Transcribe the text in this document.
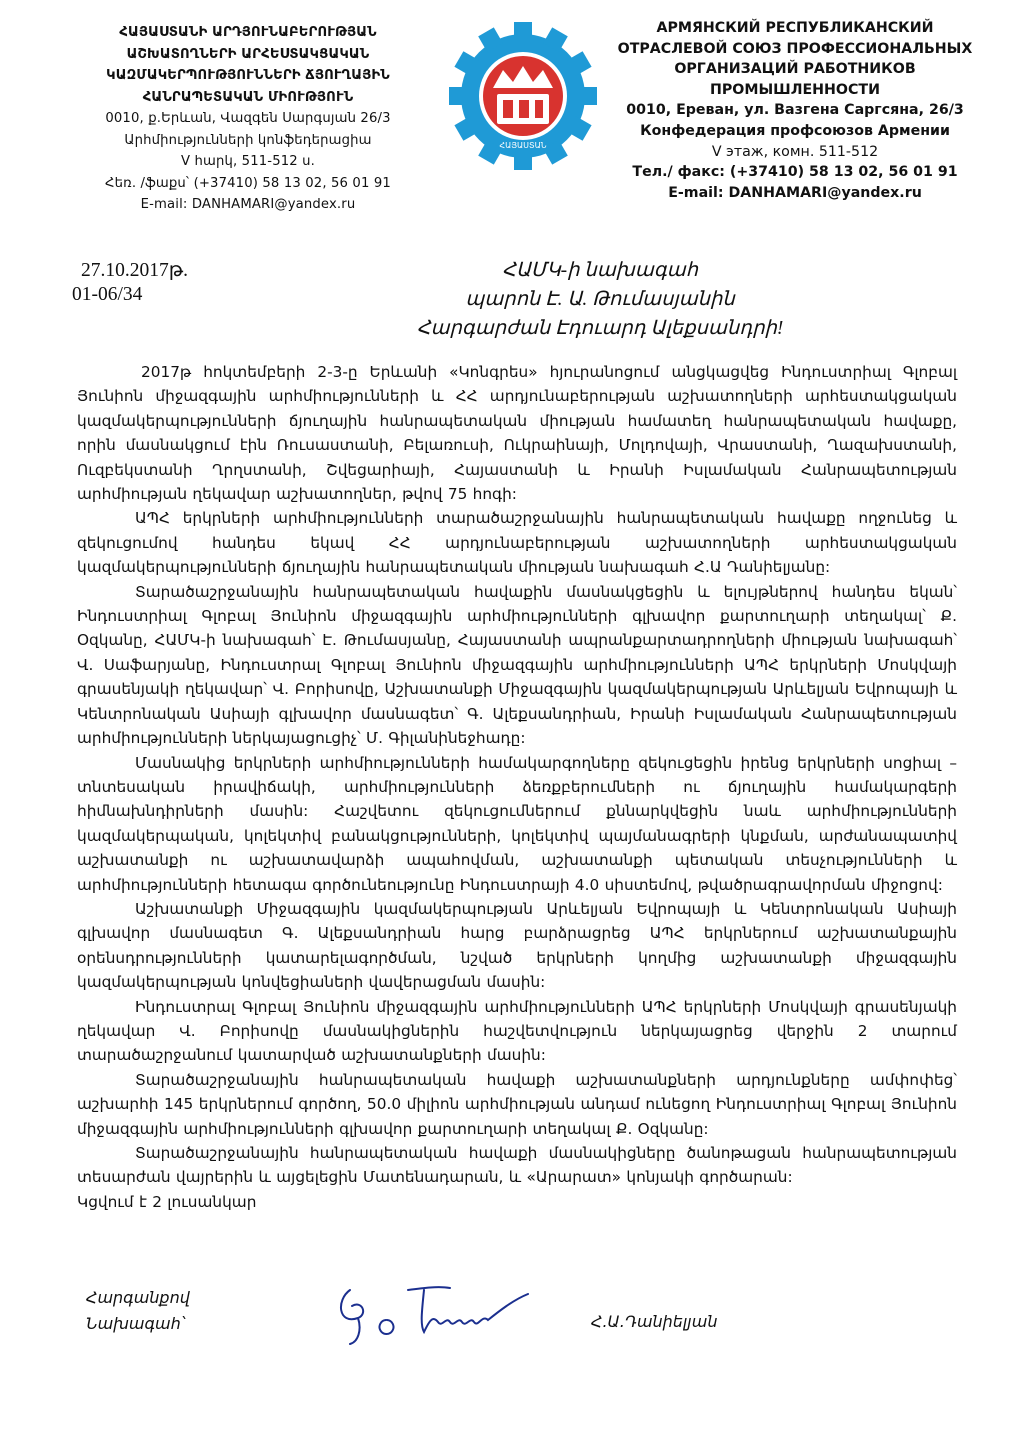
ՀԱՅԱՍՏԱՆԻ ԱՐԴՅՈՒՆԱԲԵՐՈՒԹՅԱՆ
ԱՇԽԱՏՈՂՆԵՐԻ ԱՐՀԵՍՏԱԿՑԱԿԱՆ
ԿԱԶՄԱԿԵՐՊՈՒԹՅՈՒՆՆԵՐԻ ՃՅՈՒՂԱՅԻՆ
ՀԱՆՐԱՊԵՏԱԿԱՆ ՄԻՈՒԹՅՈՒՆ
0010, ք.Երևան, Վազգեն Սարգսյան 26/3
Արհմիությունների կոնֆեդերացիա
V հարկ, 511-512 ս.
Հեռ. /ֆաքս՝ (+37410) 58 13 02, 56 01 91
E-mail: DANHAMARI@yandex.ru
ՀԱՅԱՍՏԱՆ
АРМЯНСКИЙ РЕСПУБЛИКАНСКИЙ
ОТРАСЛЕВОЙ СОЮЗ ПРОФЕССИОНАЛЬНЫХ
ОРГАНИЗАЦИЙ РАБОТНИКОВ
ПРОМЫШЛЕННОСТИ
0010, Ереван, ул. Вазгена Саргсяна, 26/3
Конфедерация профсоюзов Армении
V этаж, комн. 511-512
Тел./ факс: (+37410) 58 13 02, 56 01 91
E-mail: DANHAMARI@yandex.ru
27.10.2017թ.
01-06/34
ՀԱՄԿ-ի նախագահ
պարոն Է. Ա. Թումասյանին
Հարգարժան Էդուարդ Ալեքսանդրի!

2017թ հոկտեմբերի 2-3-ը Երևանի «Կոնգրես» հյուրանոցում անցկացվեց Ինդուստրիալ Գլոբալ Յունիոն միջազգային արհմիությունների և ՀՀ արդյունաբերության աշխատողների արհեստակցական կազմակերպությունների ճյուղային հանրապետական միության համատեղ հանրապետական հավաքը, որին մասնակցում էին Ռուսաստանի, Բելառուսի, Ուկրաինայի, Մոլդովայի, Վրաստանի, Ղազախստանի, Ուզբեկստանի Ղրղստանի, Շվեցարիայի, Հայաստանի և Իրանի Իսլամական Հանրապետության արհմիության ղեկավար աշխատողներ, թվով 75 հոգի:

ԱՊՀ երկրների արհմիությունների տարածաշրջանային հանրապետական հավաքը ողջունեց և զեկուցումով հանդես եկավ ՀՀ արդյունաբերության աշխատողների արհեստակցական կազմակերպությունների ճյուղային հանրապետական միության նախագահ Հ.Ա Դանիելյանը:

Տարածաշրջանային հանրապետական հավաքին մասնակցեցին և ելույթներով հանդես եկան՝ Ինդուստրիալ Գլոբալ Յունիոն միջազգային արհմիությունների գլխավոր քարտուղարի տեղակալ՝ Ք. Օզկանը, ՀԱՄԿ-ի նախագահ՝ Է. Թումասյանը, Հայաստանի ապրանքարտադրողների միության նախագահ՝ Վ. Սաֆարյանը, Ինդուստրալ Գլոբալ Յունիոն միջազգային արհմիությունների ԱՊՀ երկրների Մոսկվայի գրասենյակի ղեկավար՝ Վ. Բորիսովը, Աշխատանքի Միջազգային կազմակերպության Արևելյան Եվրոպայի և Կենտրոնական Ասիայի գլխավոր մասնագետ՝ Գ. Ալեքսանդրիան, Իրանի Իսլամական Հանրապետության արհմիությունների ներկայացուցիչ՝ Մ. Գիլանինեջհադը:

Մասնակից երկրների արհմիությունների համակարգողները զեկուցեցին իրենց երկրների սոցիալ – տնտեսական իրավիճակի, արհմիությունների ձեռքբերումների ու ճյուղային համակարգերի հիմնախնդիրների մասին: Հաշվետու զեկուցումներում քննարկվեցին նաև արհմիությունների կազմակերպական, կոլեկտիվ բանակցությունների, կոլեկտիվ պայմանագրերի կնքման, արժանապատիվ աշխատանքի ու աշխատավարձի ապահովման, աշխատանքի պետական տեսչությունների և արհմիությունների հետագա գործունեությունը Ինդուստրայի 4.0 սիստեմով, թվածրագրավորման միջոցով:

Աշխատանքի Միջազգային կազմակերպության Արևելյան Եվրոպայի և Կենտրոնական Ասիայի գլխավոր մասնագետ Գ. Ալեքսանդրիան հարց բարձրացրեց ԱՊՀ երկրներում աշխատանքային օրենսդրությունների կատարելագործման, նշված երկրների կողմից աշխատանքի միջազգային կազմակերպության կոնվեցիաների վավերացման մասին:

Ինդուստրալ Գլոբալ Յունիոն միջազգային արհմիությունների ԱՊՀ երկրների Մոսկվայի գրասենյակի ղեկավար Վ. Բորիսովը մասնակիցներին հաշվետվություն ներկայացրեց վերջին 2 տարում տարածաշրջանում կատարված աշխատանքների մասին:

Տարածաշրջանային հանրապետական հավաքի աշխատանքների արդյունքները ամփոփեց՝ աշխարհի 145 երկրներում գործող, 50.0 միլիոն արհմիության անդամ ունեցող Ինդուստրիալ Գլոբալ Յունիոն միջազգային արհմիությունների գլխավոր քարտուղարի տեղակալ Ք. Օզկանը:

Տարածաշրջանային հանրապետական հավաքի մասնակիցները ծանոթացան հանրապետության տեսարժան վայրերին և այցելեցին Մատենադարան, և «Արարատ» կոնյակի գործարան:

Կցվում է 2 լուսանկար

Հարգանքով
Նախագահ՝	Հ.Ա.Դանիելյան
